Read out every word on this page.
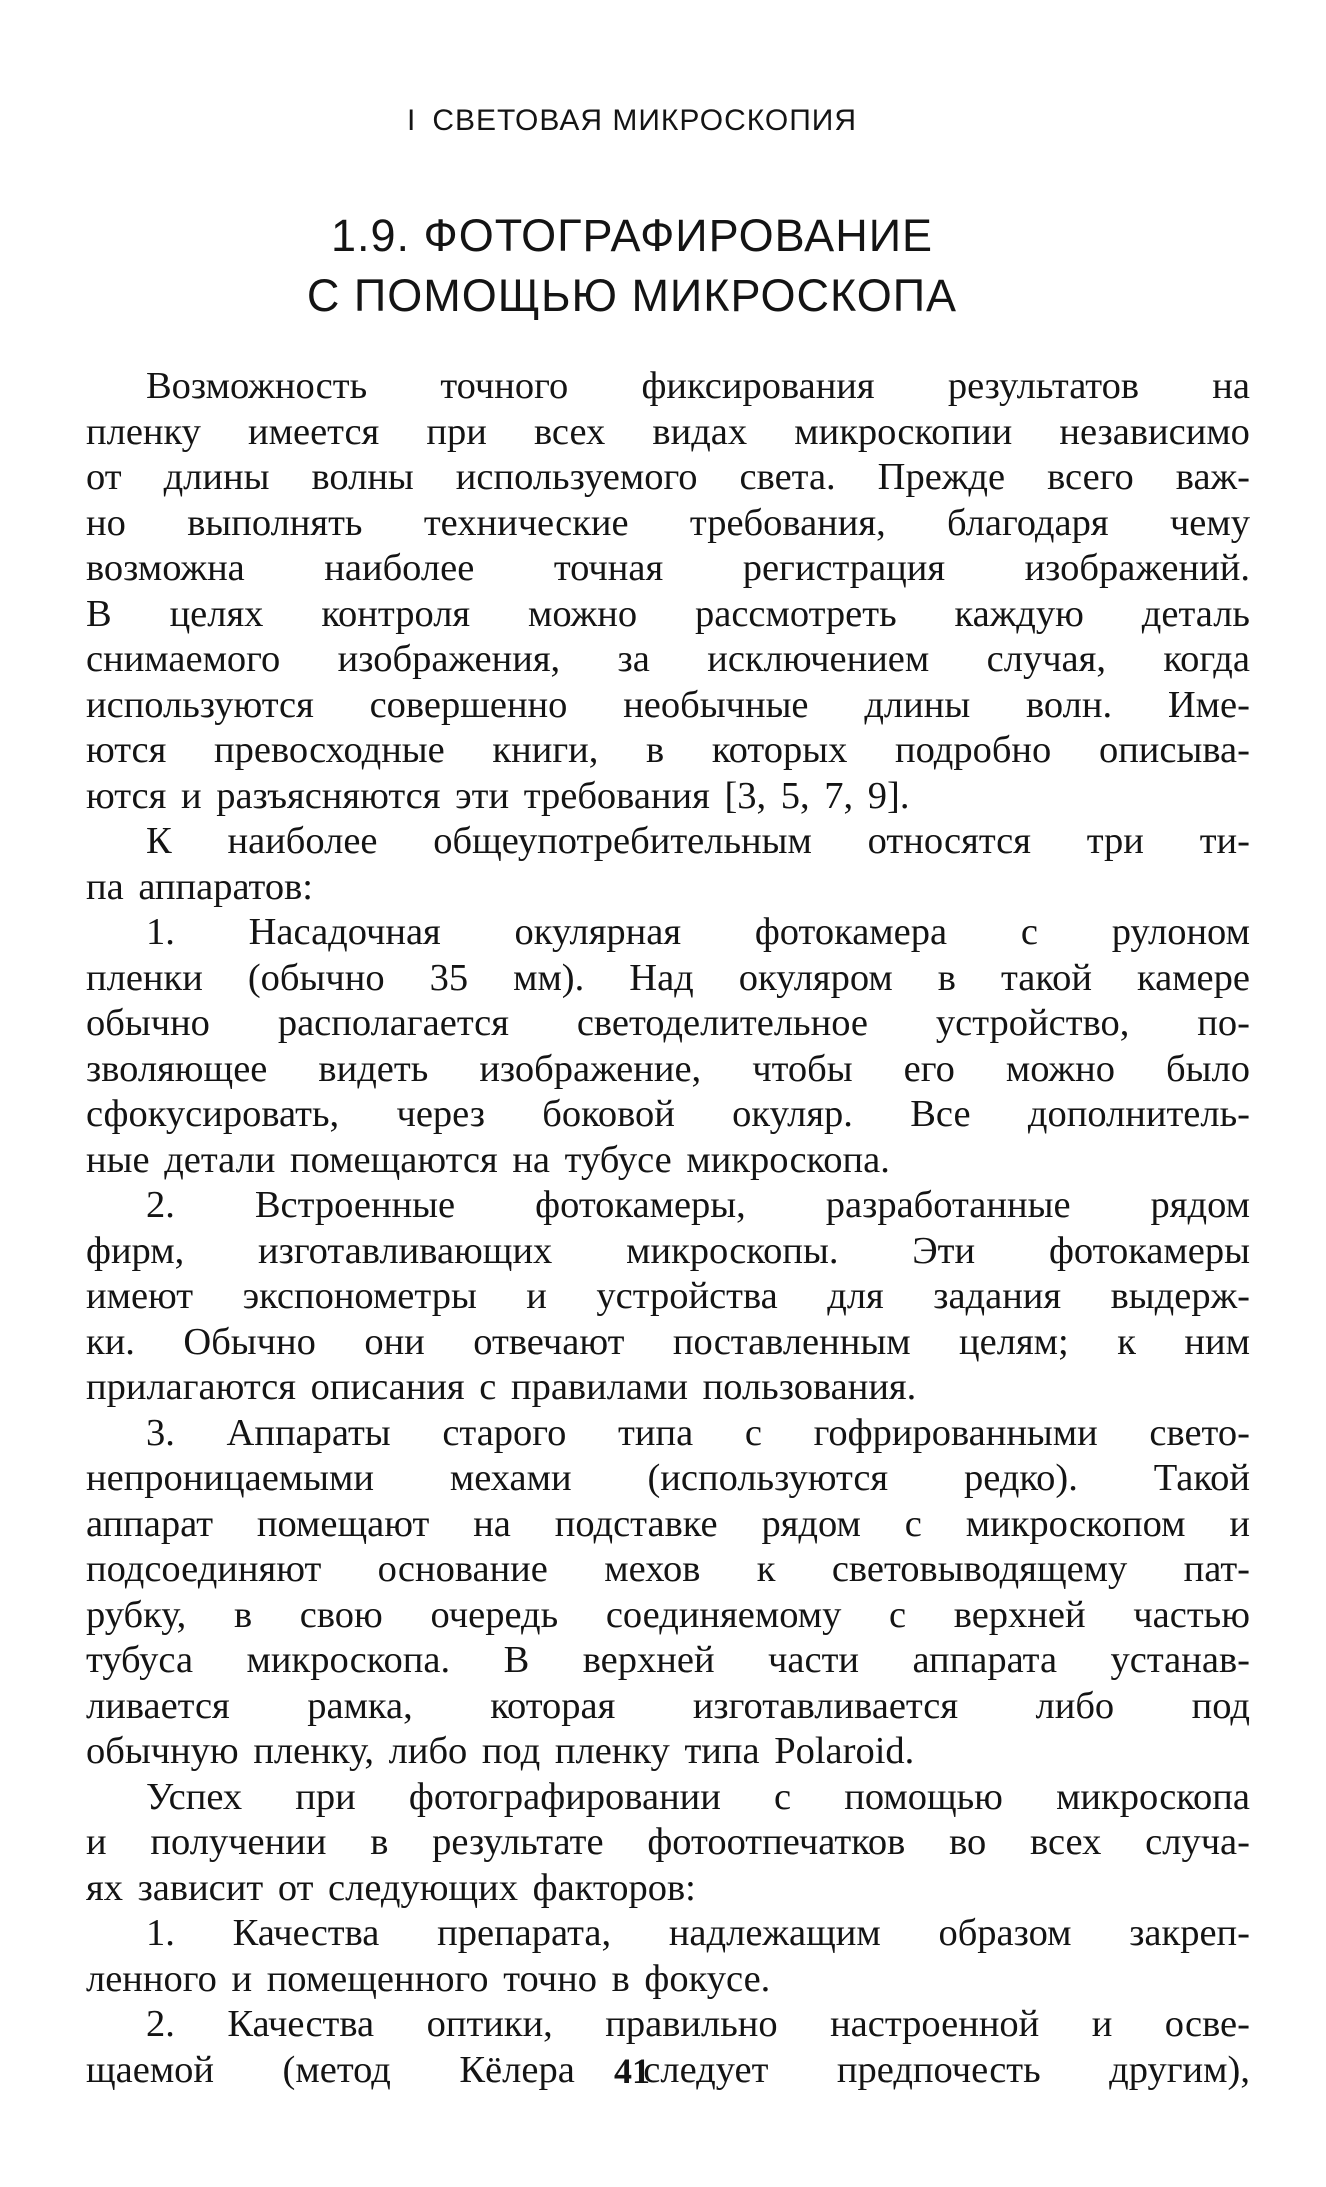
I СВЕТОВАЯ МИКРОСКОПИЯ
1.9. ФОТОГРАФИРОВАНИЕ
С ПОМОЩЬЮ МИКРОСКОПА
Возможность точного фиксирования результатов на
пленку имеется при всех видах микроскопии независимо
от длины волны используемого света. Прежде всего важ-
но выполнять технические требования, благодаря чему
возможна наиболее точная регистрация изображений.
В целях контроля можно рассмотреть каждую деталь
снимаемого изображения, за исключением случая, когда
используются совершенно необычные длины волн. Име-
ются превосходные книги, в которых подробно описыва-
ются и разъясняются эти требования [3, 5, 7, 9].
К наиболее общеупотребительным относятся три ти-
па аппаратов:
1. Насадочная окулярная фотокамера с рулоном
пленки (обычно 35 мм). Над окуляром в такой камере
обычно располагается светоделительное устройство, по-
зволяющее видеть изображение, чтобы его можно было
сфокусировать, через боковой окуляр. Все дополнитель-
ные детали помещаются на тубусе микроскопа.
2. Встроенные фотокамеры, разработанные рядом
фирм, изготавливающих микроскопы. Эти фотокамеры
имеют экспонометры и устройства для задания выдерж-
ки. Обычно они отвечают поставленным целям; к ним
прилагаются описания с правилами пользования.
3. Аппараты старого типа с гофрированными свето-
непроницаемыми мехами (используются редко). Такой
аппарат помещают на подставке рядом с микроскопом и
подсоединяют основание мехов к световыводящему пат-
рубку, в свою очередь соединяемому с верхней частью
тубуса микроскопа. В верхней части аппарата устанав-
ливается рамка, которая изготавливается либо под
обычную пленку, либо под пленку типа Polaroid.
Успех при фотографировании с помощью микроскопа
и получении в результате фотоотпечатков во всех случа-
ях зависит от следующих факторов:
1. Качества препарата, надлежащим образом закреп-
ленного и помещенного точно в фокусе.
2. Качества оптики, правильно настроенной и осве-
щаемой (метод Кёлера следует предпочесть другим),
41
